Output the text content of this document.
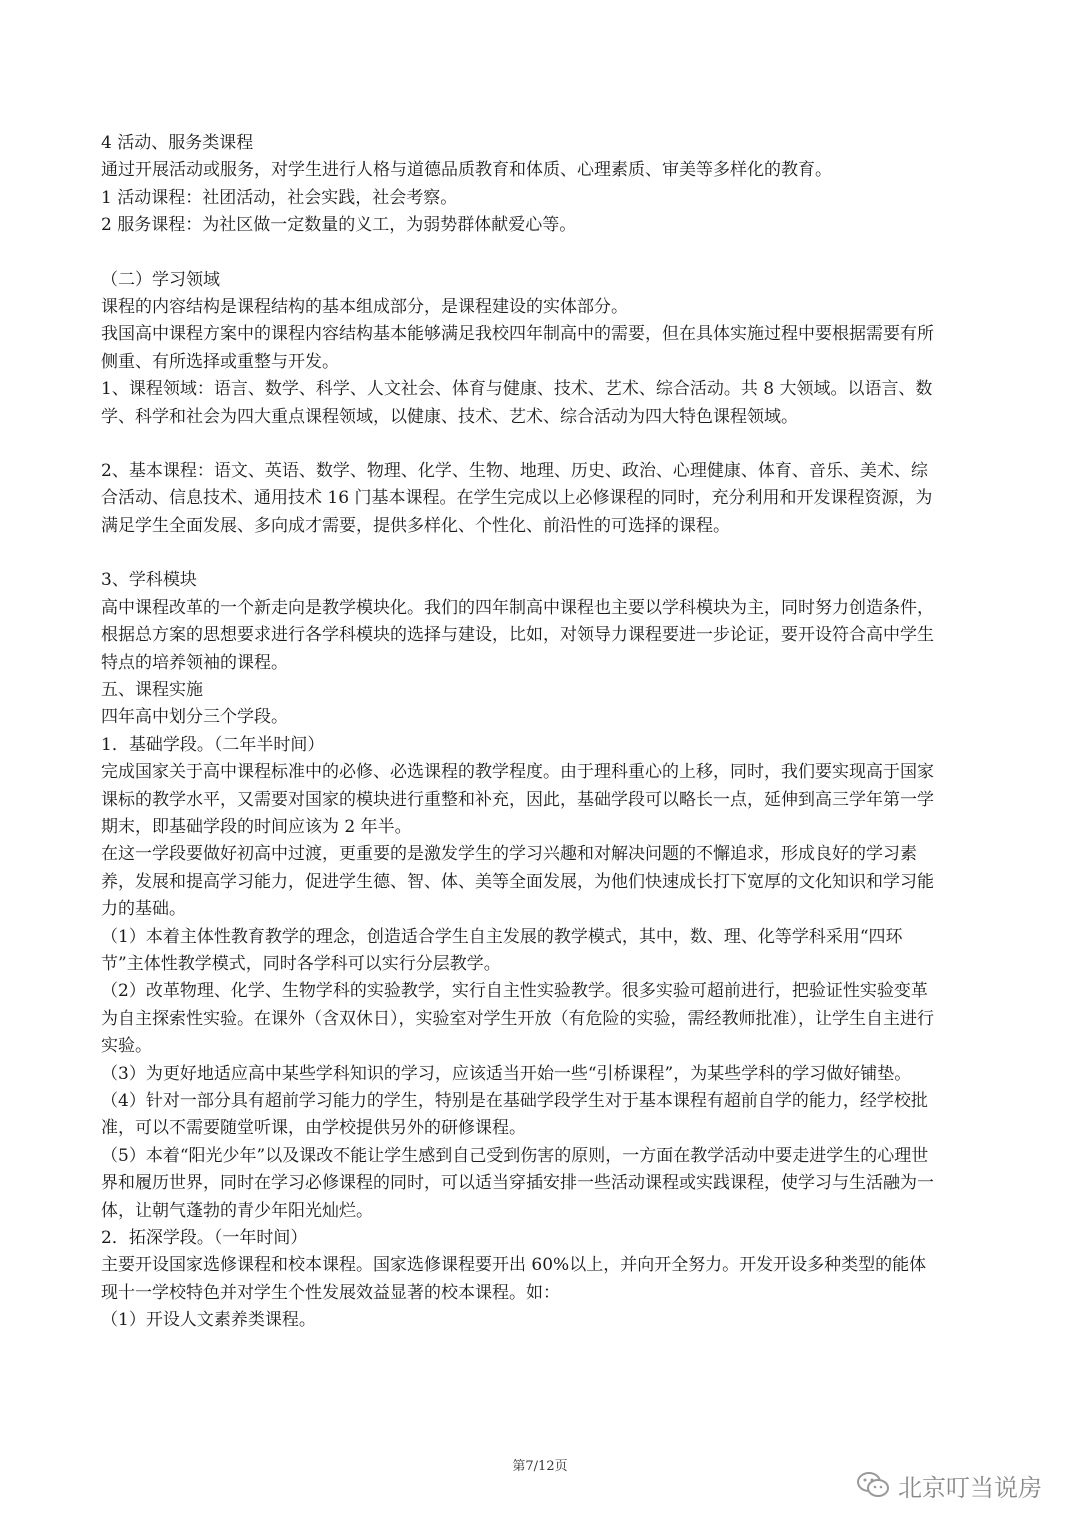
4 活动、服务类课程

通过开展活动或服务，对学生进行人格与道德品质教育和体质、心理素质、审美等多样化的教育。

1 活动课程：社团活动，社会实践，社会考察。

2 服务课程：为社区做一定数量的义工，为弱势群体献爱心等。

（二）学习领域

课程的内容结构是课程结构的基本组成部分，是课程建设的实体部分。

我国高中课程方案中的课程内容结构基本能够满足我校四年制高中的需要，但在具体实施过程中要根据需要有所侧重、有所选择或重整与开发。

1、课程领域：语言、数学、科学、人文社会、体育与健康、技术、艺术、综合活动。共 8 大领域。以语言、数学、科学和社会为四大重点课程领域，以健康、技术、艺术、综合活动为四大特色课程领域。

2、基本课程：语文、英语、数学、物理、化学、生物、地理、历史、政治、心理健康、体育、音乐、美术、综合活动、信息技术、通用技术 16 门基本课程。在学生完成以上必修课程的同时，充分利用和开发课程资源，为满足学生全面发展、多向成才需要，提供多样化、个性化、前沿性的可选择的课程。

3、学科模块

高中课程改革的一个新走向是教学模块化。我们的四年制高中课程也主要以学科模块为主，同时努力创造条件，根据总方案的思想要求进行各学科模块的选择与建设，比如，对领导力课程要进一步论证，要开设符合高中学生特点的培养领袖的课程。

五、课程实施

四年高中划分三个学段。

1．基础学段。（二年半时间）

完成国家关于高中课程标准中的必修、必选课程的教学程度。由于理科重心的上移，同时，我们要实现高于国家课标的教学水平，又需要对国家的模块进行重整和补充，因此，基础学段可以略长一点，延伸到高三学年第一学期末，即基础学段的时间应该为 2 年半。

在这一学段要做好初高中过渡，更重要的是激发学生的学习兴趣和对解决问题的不懈追求，形成良好的学习素养，发展和提高学习能力，促进学生德、智、体、美等全面发展，为他们快速成长打下宽厚的文化知识和学习能力的基础。

（1）本着主体性教育教学的理念，创造适合学生自主发展的教学模式，其中，数、理、化等学科采用“四环节”主体性教学模式，同时各学科可以实行分层教学。

（2）改革物理、化学、生物学科的实验教学，实行自主性实验教学。很多实验可超前进行，把验证性实验变革为自主探索性实验。在课外（含双休日），实验室对学生开放（有危险的实验，需经教师批准），让学生自主进行实验。

（3）为更好地适应高中某些学科知识的学习，应该适当开始一些“引桥课程”，为某些学科的学习做好铺垫。

（4）针对一部分具有超前学习能力的学生，特别是在基础学段学生对于基本课程有超前自学的能力，经学校批准，可以不需要随堂听课，由学校提供另外的研修课程。

（5）本着“阳光少年”以及课改不能让学生感到自己受到伤害的原则，一方面在教学活动中要走进学生的心理世界和履历世界，同时在学习必修课程的同时，可以适当穿插安排一些活动课程或实践课程，使学习与生活融为一体，让朝气蓬勃的青少年阳光灿烂。

2．拓深学段。（一年时间）

主要开设国家选修课程和校本课程。国家选修课程要开出 60%以上，并向开全努力。开发开设多种类型的能体现十一学校特色并对学生个性发展效益显著的校本课程。如：

（1）开设人文素养类课程。

第7/12页
北京叮当说房
